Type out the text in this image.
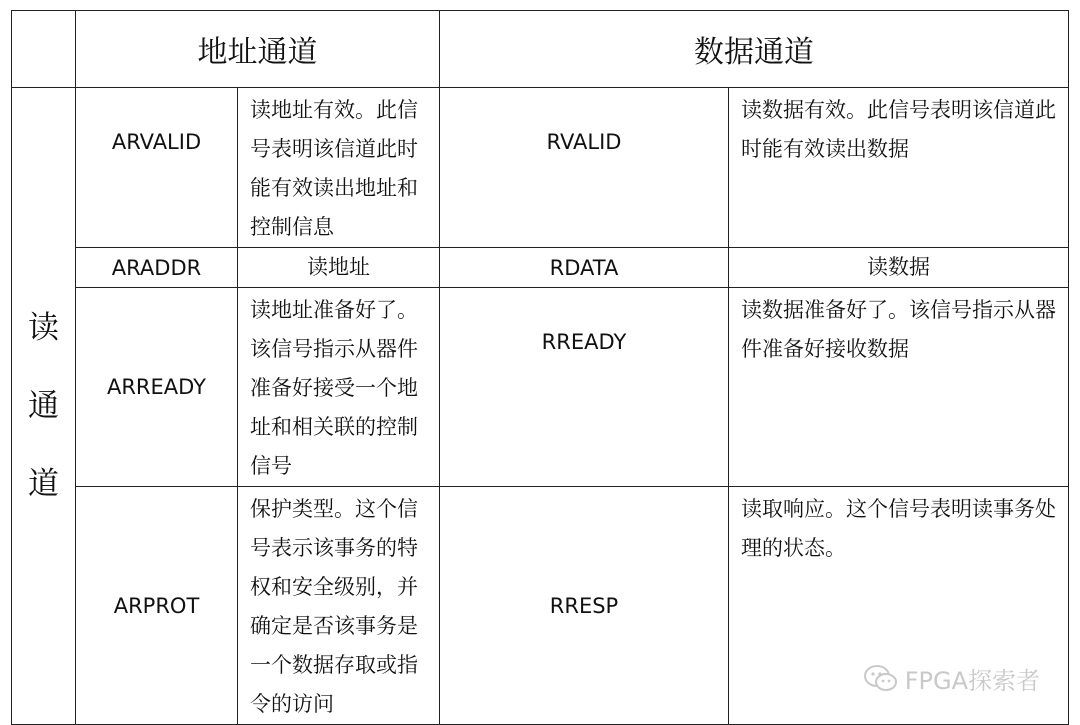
	地址通道		数据通道	
读
通
道	ARVALID	读地址有效。此信号表明该信道此时能有效读出地址和控制信息	RVALID	读数据有效。此信号表明该信道此时能有效读出数据
	ARADDR	读地址	RDATA	读数据
	ARREADY	读地址准备好了。该信号指示从器件准备好接受一个地址和相关联的控制信号	RREADY	读数据准备好了。该信号指示从器件准备好接收数据
	ARPROT	保护类型。这个信号表示该事务的特权和安全级别，并确定是否该事务是一个数据存取或指令的访问	RRESP	读取响应。这个信号表明读事务处理的状态。
FPGA探索者
